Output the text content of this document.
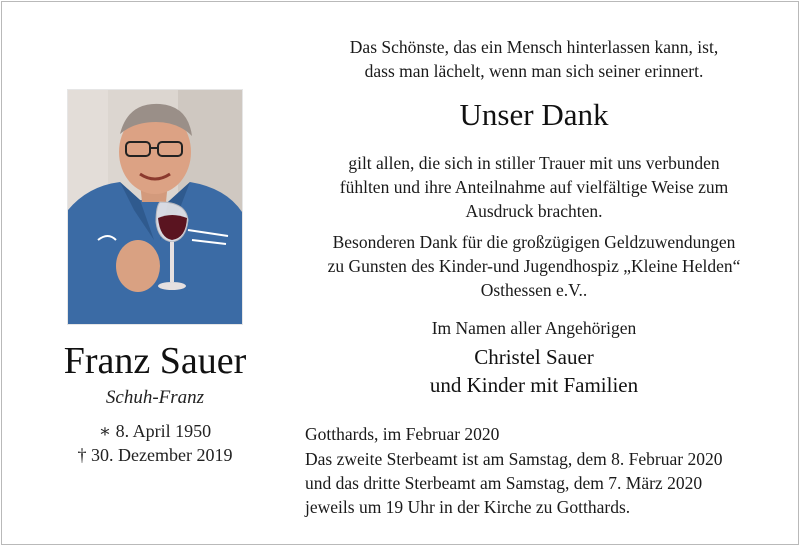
Franz Sauer
Schuh-Franz
∗ 8. April 1950
† 30. Dezember 2019
Das Schönste, das ein Mensch hinterlassen kann, ist,
dass man lächelt, wenn man sich seiner erinnert.
Unser Dank
gilt allen, die sich in stiller Trauer mit uns verbunden
fühlten und ihre Anteilnahme auf vielfältige Weise zum
Ausdruck brachten.
Besonderen Dank für die großzügigen Geldzuwendungen
zu Gunsten des Kinder-und Jugendhospiz „Kleine Helden“
Osthessen e.V..
Im Namen aller Angehörigen
Christel Sauer
und Kinder mit Familien
Gotthards, im Februar 2020
Das zweite Sterbeamt ist am Samstag, dem 8. Februar 2020
und das dritte Sterbeamt am Samstag, dem 7. März 2020
jeweils um 19 Uhr in der Kirche zu Gotthards.
